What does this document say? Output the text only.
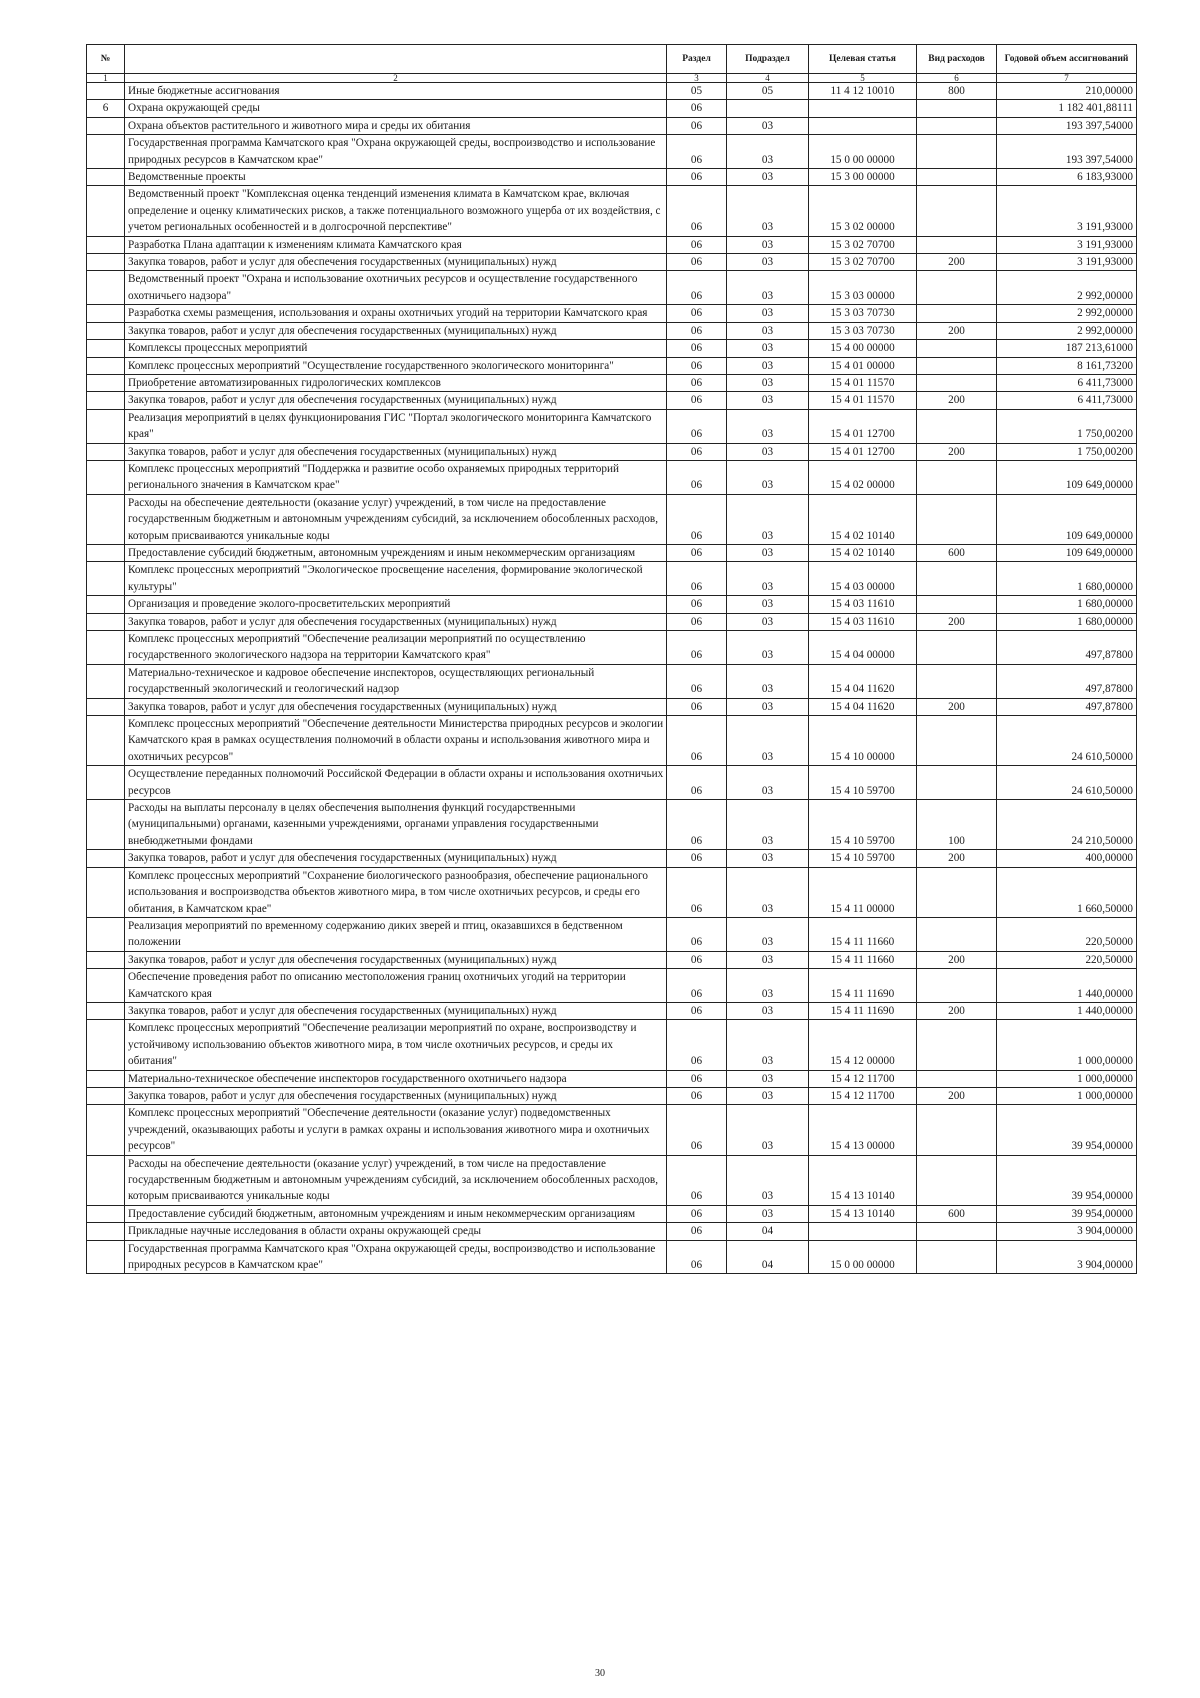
№		Раздел	Подраздел	Целевая статья	Вид расходов	Годовой объем ассигнований
1	2	3	4	5	6	7
	Иные бюджетные ассигнования	05	05	11 4 12 10010	800	210,00000
6	Охрана окружающей среды	06				1 182 401,88111
	Охрана объектов растительного и животного мира и среды их обитания	06	03			193 397,54000
	Государственная программа Камчатского края "Охрана окружающей среды, воспроизводство и использование природных ресурсов в Камчатском крае"	06	03	15 0 00 00000		193 397,54000
	Ведомственные проекты	06	03	15 3 00 00000		6 183,93000
	Ведомственный проект "Комплексная оценка тенденций изменения климата в Камчатском крае, включая определение и оценку климатических рисков, а также потенциального возможного ущерба от их воздействия, с учетом региональных особенностей и в долгосрочной перспективе"	06	03	15 3 02 00000		3 191,93000
	Разработка Плана адаптации к изменениям климата Камчатского края	06	03	15 3 02 70700		3 191,93000
	Закупка товаров, работ и услуг для обеспечения государственных (муниципальных) нужд	06	03	15 3 02 70700	200	3 191,93000
	Ведомственный проект "Охрана и использование охотничьих ресурсов и осуществление государственного охотничьего надзора"	06	03	15 3 03 00000		2 992,00000
	Разработка схемы размещения, использования и охраны охотничьих угодий на территории Камчатского края	06	03	15 3 03 70730		2 992,00000
	Закупка товаров, работ и услуг для обеспечения государственных (муниципальных) нужд	06	03	15 3 03 70730	200	2 992,00000
	Комплексы процессных мероприятий	06	03	15 4 00 00000		187 213,61000
	Комплекс процессных мероприятий "Осуществление государственного экологического мониторинга"	06	03	15 4 01 00000		8 161,73200
	Приобретение автоматизированных гидрологических комплексов	06	03	15 4 01 11570		6 411,73000
	Закупка товаров, работ и услуг для обеспечения государственных (муниципальных) нужд	06	03	15 4 01 11570	200	6 411,73000
	Реализация мероприятий в целях функционирования ГИС "Портал экологического мониторинга Камчатского края"	06	03	15 4 01 12700		1 750,00200
	Закупка товаров, работ и услуг для обеспечения государственных (муниципальных) нужд	06	03	15 4 01 12700	200	1 750,00200
	Комплекс процессных мероприятий "Поддержка и развитие особо охраняемых природных территорий регионального значения в Камчатском крае"	06	03	15 4 02 00000		109 649,00000
	Расходы на обеспечение деятельности (оказание услуг) учреждений, в том числе на предоставление государственным бюджетным и автономным учреждениям субсидий, за исключением обособленных расходов, которым присваиваются уникальные коды	06	03	15 4 02 10140		109 649,00000
	Предоставление субсидий бюджетным, автономным учреждениям и иным некоммерческим организациям	06	03	15 4 02 10140	600	109 649,00000
	Комплекс процессных мероприятий "Экологическое просвещение населения, формирование экологической культуры"	06	03	15 4 03 00000		1 680,00000
	Организация и проведение эколого-просветительских мероприятий	06	03	15 4 03 11610		1 680,00000
	Закупка товаров, работ и услуг для обеспечения государственных (муниципальных) нужд	06	03	15 4 03 11610	200	1 680,00000
	Комплекс процессных мероприятий "Обеспечение реализации мероприятий по осуществлению государственного экологического надзора на территории Камчатского края"	06	03	15 4 04 00000		497,87800
	Материально-техническое и кадровое обеспечение инспекторов, осуществляющих региональный государственный экологический и геологический надзор	06	03	15 4 04 11620		497,87800
	Закупка товаров, работ и услуг для обеспечения государственных (муниципальных) нужд	06	03	15 4 04 11620	200	497,87800
	Комплекс процессных мероприятий "Обеспечение деятельности Министерства природных ресурсов и экологии Камчатского края в рамках осуществления полномочий в области охраны и использования животного мира и охотничьих ресурсов"	06	03	15 4 10 00000		24 610,50000
	Осуществление переданных полномочий Российской Федерации в области охраны и использования охотничьих ресурсов	06	03	15 4 10 59700		24 610,50000
	Расходы на выплаты персоналу в целях обеспечения выполнения функций государственными (муниципальными) органами, казенными учреждениями, органами управления государственными внебюджетными фондами	06	03	15 4 10 59700	100	24 210,50000
	Закупка товаров, работ и услуг для обеспечения государственных (муниципальных) нужд	06	03	15 4 10 59700	200	400,00000
	Комплекс процессных мероприятий "Сохранение биологического разнообразия, обеспечение рационального использования и воспроизводства объектов животного мира, в том числе охотничьих ресурсов, и среды его обитания, в Камчатском крае"	06	03	15 4 11 00000		1 660,50000
	Реализация мероприятий по временному содержанию диких зверей и птиц, оказавшихся в бедственном положении	06	03	15 4 11 11660		220,50000
	Закупка товаров, работ и услуг для обеспечения государственных (муниципальных) нужд	06	03	15 4 11 11660	200	220,50000
	Обеспечение проведения работ по описанию местоположения границ охотничьих угодий на территории Камчатского края	06	03	15 4 11 11690		1 440,00000
	Закупка товаров, работ и услуг для обеспечения государственных (муниципальных) нужд	06	03	15 4 11 11690	200	1 440,00000
	Комплекс процессных мероприятий "Обеспечение реализации мероприятий по охране, воспроизводству и устойчивому использованию объектов животного мира, в том числе охотничьих ресурсов, и среды их обитания"	06	03	15 4 12 00000		1 000,00000
	Материально-техническое обеспечение инспекторов государственного охотничьего надзора	06	03	15 4 12 11700		1 000,00000
	Закупка товаров, работ и услуг для обеспечения государственных (муниципальных) нужд	06	03	15 4 12 11700	200	1 000,00000
	Комплекс процессных мероприятий "Обеспечение деятельности (оказание услуг) подведомственных учреждений, оказывающих работы и услуги в рамках охраны и использования животного мира и охотничьих ресурсов"	06	03	15 4 13 00000		39 954,00000
	Расходы на обеспечение деятельности (оказание услуг) учреждений, в том числе на предоставление государственным бюджетным и автономным учреждениям субсидий, за исключением обособленных расходов, которым присваиваются уникальные коды	06	03	15 4 13 10140		39 954,00000
	Предоставление субсидий бюджетным, автономным учреждениям и иным некоммерческим организациям	06	03	15 4 13 10140	600	39 954,00000
	Прикладные научные исследования в области охраны окружающей среды	06	04			3 904,00000
	Государственная программа Камчатского края "Охрана окружающей среды, воспроизводство и использование природных ресурсов в Камчатском крае"	06	04	15 0 00 00000		3 904,00000
30
